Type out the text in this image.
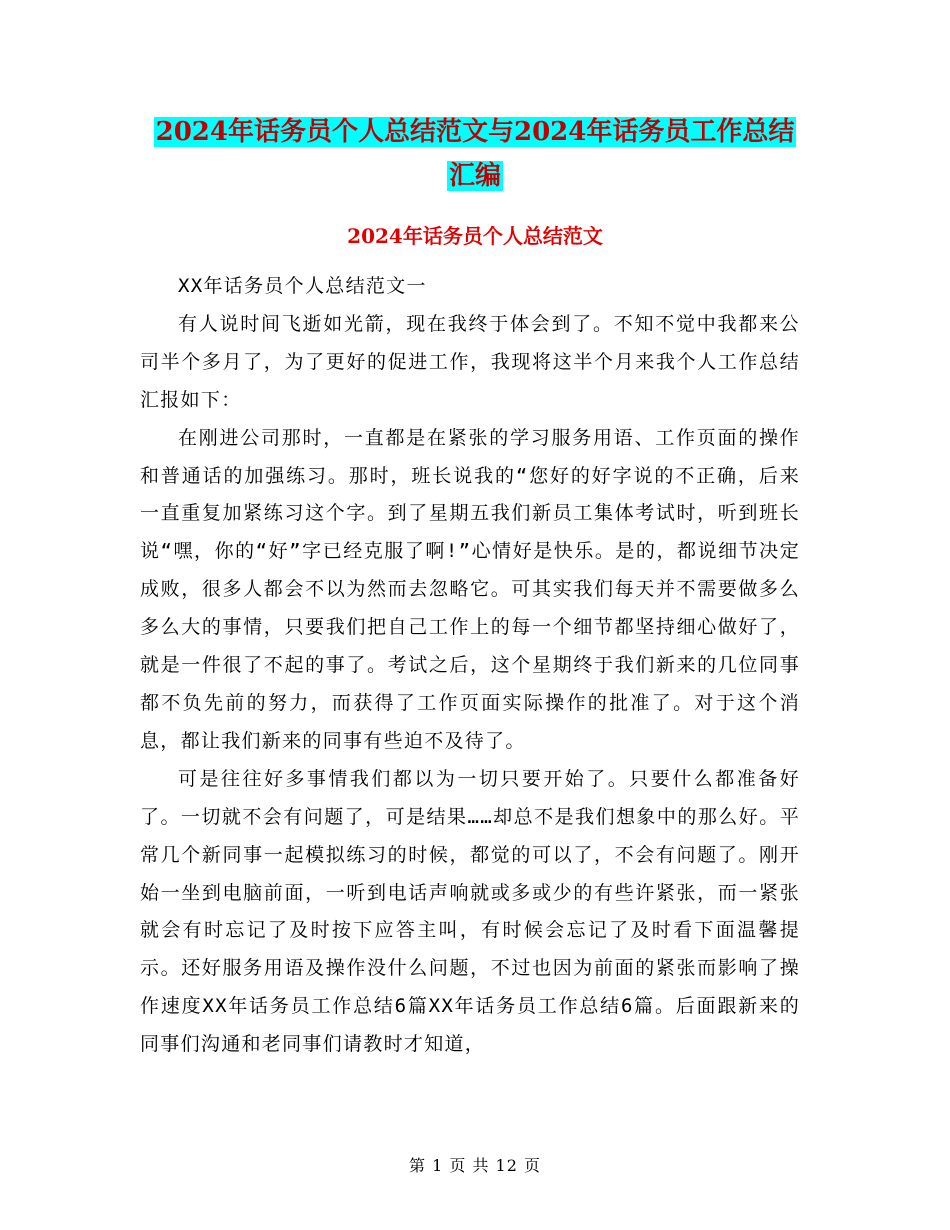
2024年话务员个人总结范文与2024年话务员工作总结
汇编
2024年话务员个人总结范文

XX年话务员个人总结范文一

有人说时间飞逝如光箭，现在我终于体会到了。不知不觉中我都来公司半个多月了，为了更好的促进工作，我现将这半个月来我个人工作总结汇报如下：

在刚进公司那时，一直都是在紧张的学习服务用语、工作页面的操作和普通话的加强练习。那时，班长说我的“您好的好字说的不正确，后来一直重复加紧练习这个字。到了星期五我们新员工集体考试时，听到班长说“嘿，你的“好”字已经克服了啊!”心情好是快乐。是的，都说细节决定成败，很多人都会不以为然而去忽略它。可其实我们每天并不需要做多么多么大的事情，只要我们把自己工作上的每一个细节都坚持细心做好了，就是一件很了不起的事了。考试之后，这个星期终于我们新来的几位同事都不负先前的努力，而获得了工作页面实际操作的批准了。对于这个消息，都让我们新来的同事有些迫不及待了。

可是往往好多事情我们都以为一切只要开始了。只要什么都准备好了。一切就不会有问题了，可是结果……却总不是我们想象中的那么好。平常几个新同事一起模拟练习的时候，都觉的可以了，不会有问题了。刚开始一坐到电脑前面，一听到电话声响就或多或少的有些许紧张，而一紧张就会有时忘记了及时按下应答主叫，有时候会忘记了及时看下面温馨提示。还好服务用语及操作没什么问题，不过也因为前面的紧张而影响了操作速度XX年话务员工作总结6篇XX年话务员工作总结6篇。后面跟新来的同事们沟通和老同事们请教时才知道，

第 1 页 共 12 页
